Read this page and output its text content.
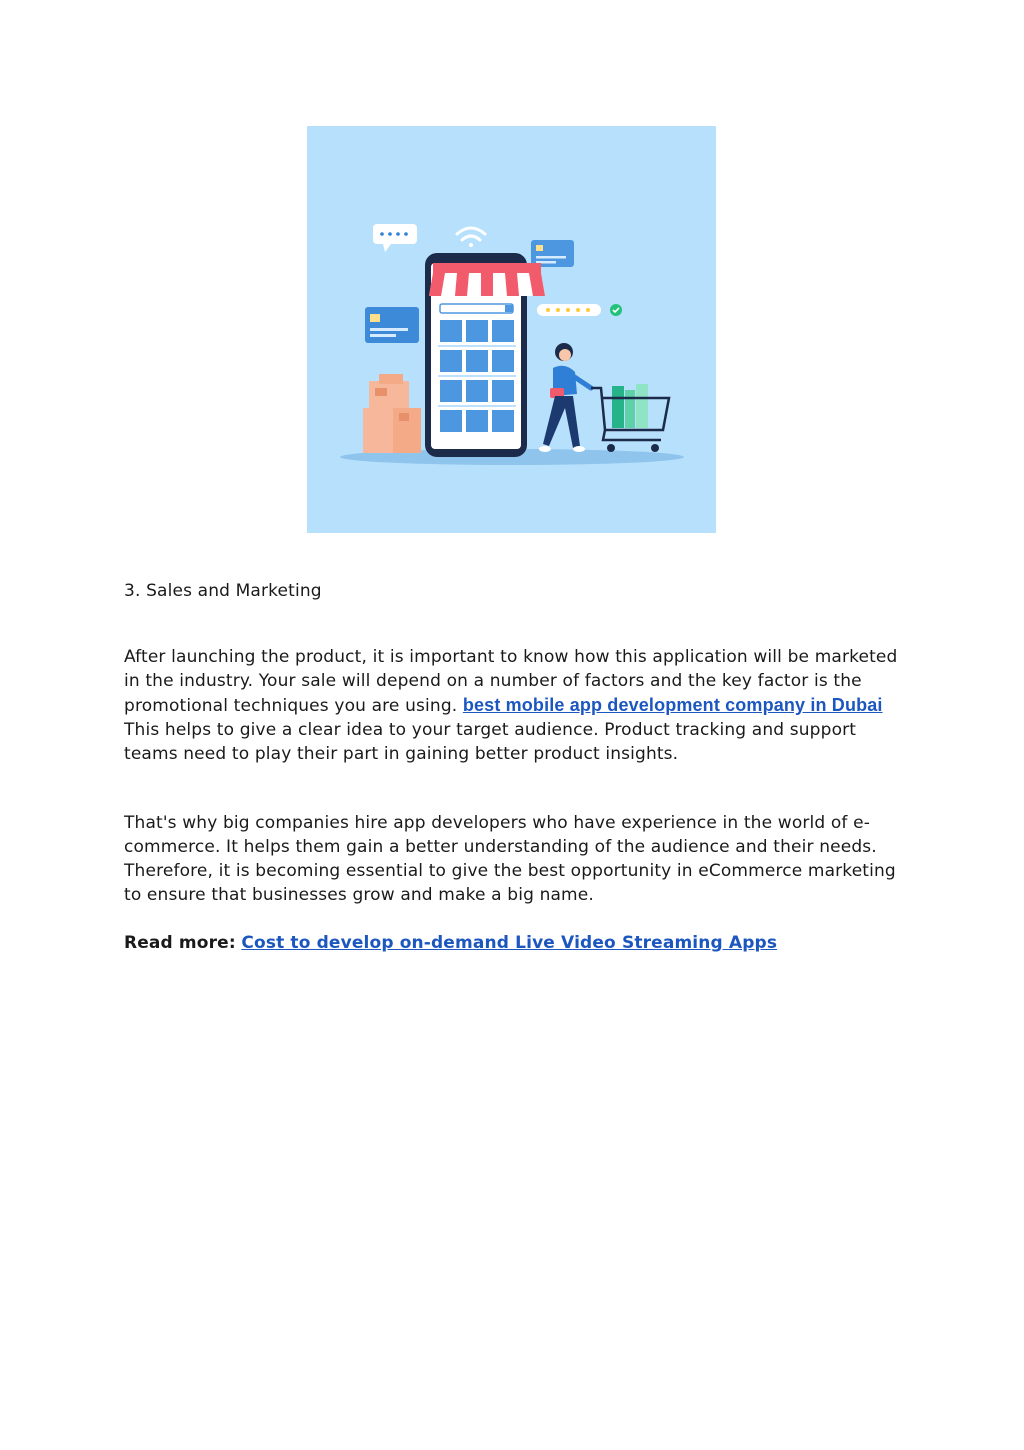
3. Sales and Marketing

After launching the product, it is important to know how this application will be marketed in the industry. Your sale will depend on a number of factors and the key factor is the promotional techniques you are using. best mobile app development company in Dubai This helps to give a clear idea to your target audience. Product tracking and support teams need to play their part in gaining better product insights.

That's why big companies hire app developers who have experience in the world of e-commerce. It helps them gain a better understanding of the audience and their needs. Therefore, it is becoming essential to give the best opportunity in eCommerce marketing to ensure that businesses grow and make a big name.

Read more: Cost to develop on-demand Live Video Streaming Apps
